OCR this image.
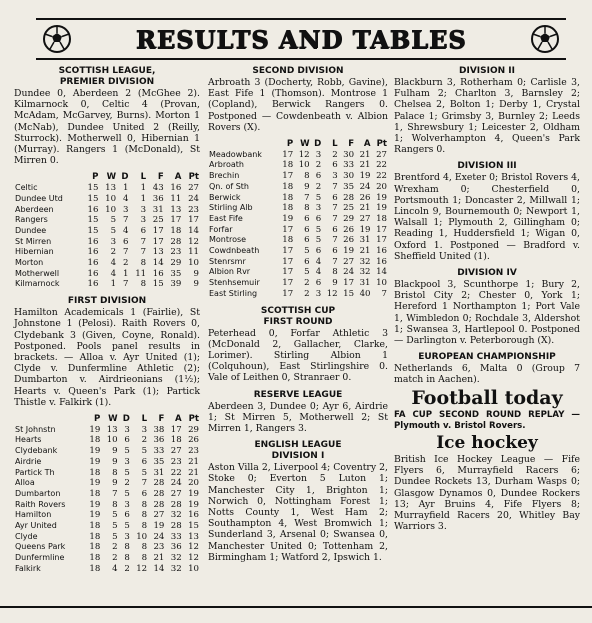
RESULTS AND TABLES
SCOTTISH LEAGUE,
PREMIER DIVISION
Dundee 0, Aberdeen 2 (McGhee 2). Kilmarnock 0, Celtic 4 (Provan, McAdam, McGarvey, Burns). Morton 1 (McNab), Dundee United 2 (Reilly, Sturrock). Motherwell 0, Hibernian 1 (Murray). Rangers 1 (McDonald), St Mirren 0.
	P	W	D	L	F	A	Pt
Celtic	15	13	1	1	43	16	27
Dundee Utd	15	10	4	1	36	11	24
Aberdeen	16	10	3	3	31	13	23
Rangers	15	5	7	3	25	17	17
Dundee	15	5	4	6	17	18	14
St Mirren	16	3	6	7	17	28	12
Hibernian	16	2	7	7	13	23	11
Morton	16	4	2	8	14	29	10
Motherwell	16	4	1	11	16	35	9
Kilmarnock	16	1	7	8	15	39	9
FIRST DIVISION
Hamilton Academicals 1 (Fairlie), St Johnstone 1 (Pelosi). Raith Rovers 0, Clydebank 3 (Given, Coyne, Ronald). Postponed. Pools panel results in brackets. — Alloa v. Ayr United (1); Clyde v. Dunfermline Athletic (2); Dumbarton v. Airdrieonians (1½); Hearts v. Queen's Park (1); Partick Thistle v. Falkirk (1).
	P	W	D	L	F	A	Pt
St Johnstn	19	13	3	3	38	17	29
Hearts	18	10	6	2	36	18	26
Clydebank	19	9	5	5	33	27	23
Airdrie	19	9	3	6	35	23	21
Partick Th	18	8	5	5	31	22	21
Alloa	19	9	2	7	28	24	20
Dumbarton	18	7	5	6	28	27	19
Raith Rovers	19	8	3	8	28	28	19
Hamilton	19	5	6	8	27	32	16
Ayr United	18	5	5	8	19	28	15
Clyde	18	5	3	10	24	33	13
Queens Park	18	2	8	8	23	36	12
Dunfermline	18	2	8	8	21	32	12
Falkirk	18	4	2	12	14	32	10
SECOND DIVISION
Arbroath 3 (Docherty, Robb, Gavine), East Fife 1 (Thomson). Montrose 1 (Copland), Berwick Rangers 0. Postponed — Cowdenbeath v. Albion Rovers (X).
	P	W	D	L	F	A	Pt
Meadowbank	17	12	3	2	30	21	27
Arbroath	18	10	2	6	33	21	22
Brechin	17	8	6	3	30	19	22
Qn. of Sth	18	9	2	7	35	24	20
Berwick	18	7	5	6	28	26	19
Stirling Alb	18	8	3	7	25	21	19
East Fife	19	6	6	7	29	27	18
Forfar	17	6	5	6	26	19	17
Montrose	18	6	5	7	26	31	17
Cowdnbeath	17	5	6	6	19	21	16
Stenrsmr	17	6	4	7	27	32	16
Albion Rvr	17	5	4	8	24	32	14
Stenhsemuir	17	2	6	9	17	31	10
East Stirling	17	2	3	12	15	40	7
SCOTTISH CUP
FIRST ROUND
Peterhead 0, Forfar Athletic 3 (McDonald 2, Gallacher, Clarke, Lorimer). Stirling Albion 1 (Colquhoun), East Stirlingshire 0. Vale of Leithen 0, Stranraer 0.
RESERVE LEAGUE
Aberdeen 3, Dundee 0; Ayr 6, Airdrie 1; St Mirren 5, Motherwell 2; St Mirren 1, Rangers 3.
ENGLISH LEAGUE
DIVISION I
Aston Villa 2, Liverpool 4; Coventry 2, Stoke 0; Everton 5 Luton 1; Manchester City 1, Brighton 1; Norwich 0, Nottingham Forest 1; Notts County 1, West Ham 2; Southampton 4, West Bromwich 1; Sunderland 3, Arsenal 0; Swansea 0, Manchester United 0; Tottenham 2, Birmingham 1; Watford 2, Ipswich 1.
DIVISION II
Blackburn 3, Rotherham 0; Carlisle 3, Fulham 2; Charlton 3, Barnsley 2; Chelsea 2, Bolton 1; Derby 1, Crystal Palace 1; Grimsby 3, Burnley 2; Leeds 1, Shrewsbury 1; Leicester 2, Oldham 1; Wolverhampton 4, Queen's Park Rangers 0.
DIVISION III
Brentford 4, Exeter 0; Bristol Rovers 4, Wrexham 0; Chesterfield 0, Portsmouth 1; Doncaster 2, Millwall 1; Lincoln 9, Bournemouth 0; Newport 1, Walsall 1; Plymouth 2, Gillingham 0; Reading 1, Huddersfield 1; Wigan 0, Oxford 1. Postponed — Bradford v. Sheffield United (1).
DIVISION IV
Blackpool 3, Scunthorpe 1; Bury 2, Bristol City 2; Chester 0, York 1; Hereford 1 Northampton 1; Port Vale 1, Wimbledon 0; Rochdale 3, Aldershot 1; Swansea 3, Hartlepool 0. Postponed — Darlington v. Peterborough (X).
EUROPEAN CHAMPIONSHIP
Netherlands 6, Malta 0 (Group 7 match in Aachen).
Football today
FA CUP SECOND ROUND REPLAY — Plymouth v. Bristol Rovers.
Ice hockey
British Ice Hockey League — Fife Flyers 6, Murrayfield Racers 6; Dundee Rockets 13, Durham Wasps 0; Glasgow Dynamos 0, Dundee Rockers 13; Ayr Bruins 4, Fife Flyers 8; Murrayfield Racers 20, Whitley Bay Warriors 3.
